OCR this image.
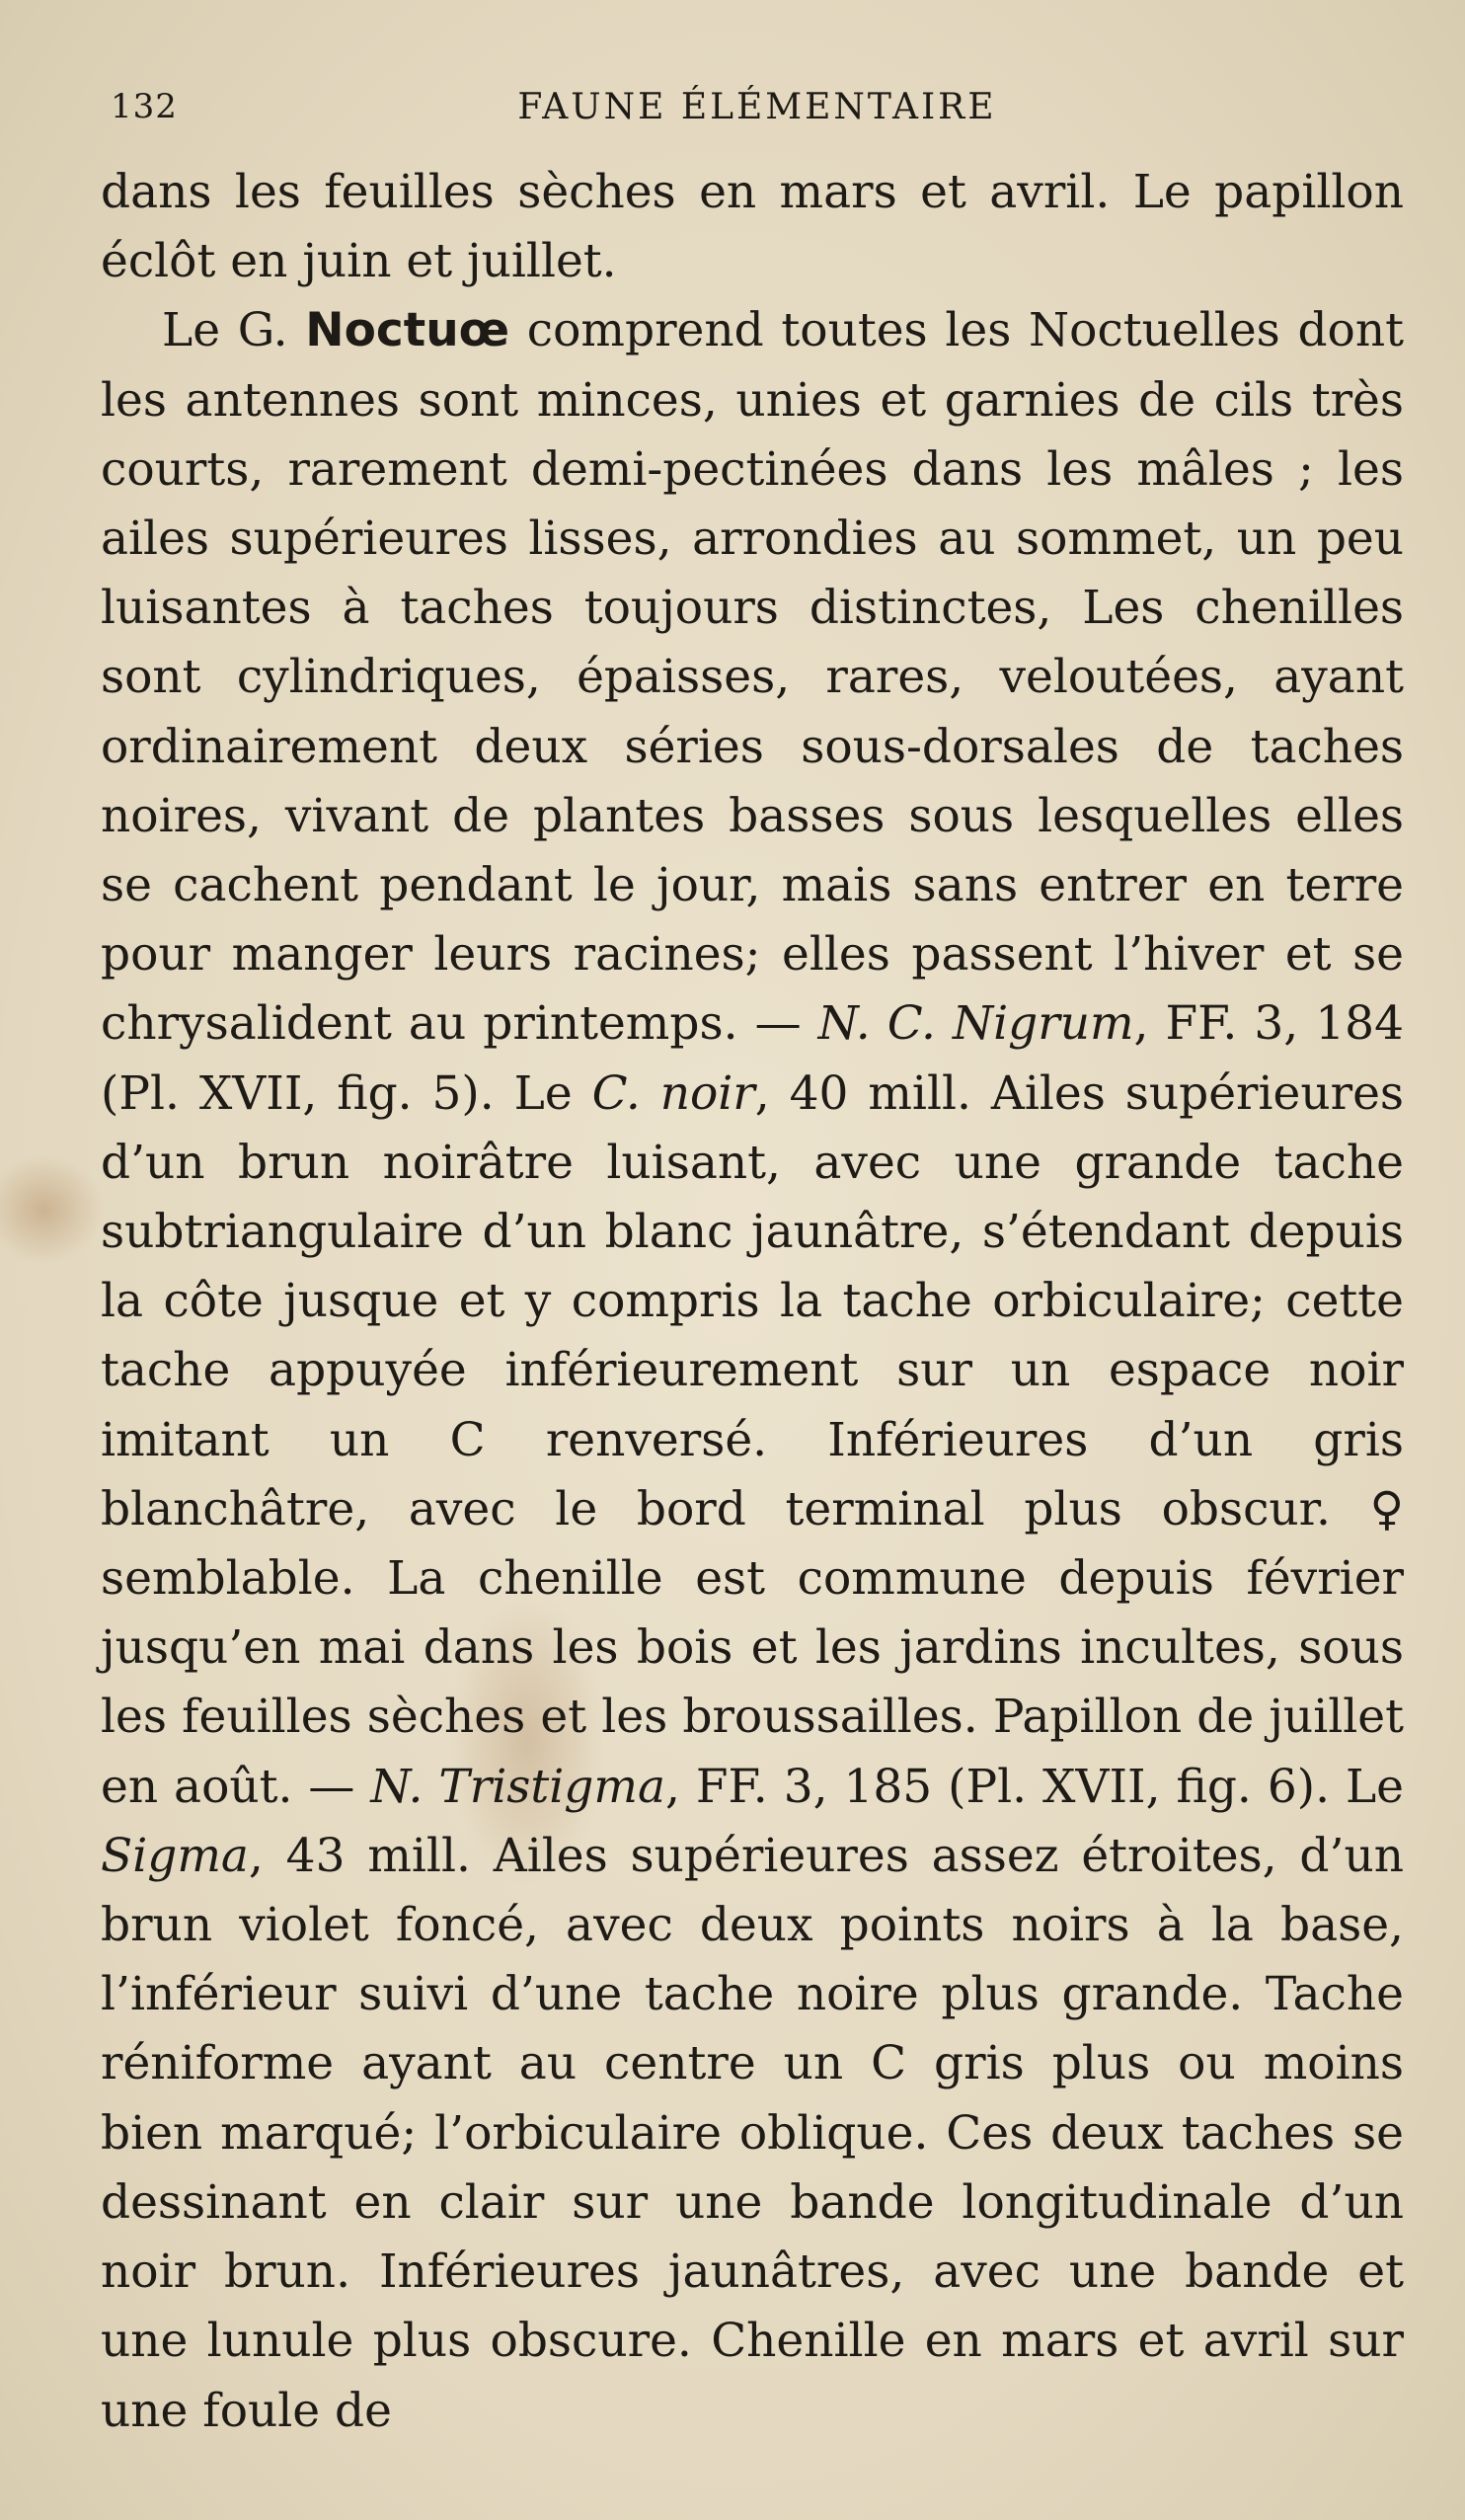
132	FAUNE ÉLÉMENTAIRE

dans les feuilles sèches en mars et avril. Le papillon éclôt en juin et juillet.

Le G. Noctuœ comprend toutes les Noctuelles dont les antennes sont minces, unies et garnies de cils très courts, rarement demi-pectinées dans les mâles ; les ailes supérieures lisses, arrondies au sommet, un peu luisantes à taches toujours distinctes, Les chenilles sont cylindriques, épaisses, rares, veloutées, ayant ordinairement deux séries sous-dorsales de taches noires, vivant de plantes basses sous lesquelles elles se cachent pendant le jour, mais sans entrer en terre pour manger leurs racines; elles passent l’hiver et se chrysalident au printemps. — N. C. Nigrum, FF. 3, 184 (Pl. XVII, fig. 5). Le C. noir, 40 mill. Ailes supérieures d’un brun noirâtre luisant, avec une grande tache subtriangulaire d’un blanc jaunâtre, s’étendant depuis la côte jusque et y compris la tache orbiculaire; cette tache appuyée inférieurement sur un espace noir imitant un C renversé. Inférieures d’un gris blanchâtre, avec le bord terminal plus obscur. ♀ semblable. La chenille est commune depuis février jusqu’en mai dans les bois et les jardins incultes, sous les feuilles sèches et les broussailles. Papillon de juillet en août. — N. Tristigma, FF. 3, 185 (Pl. XVII, fig. 6). Le Sigma, 43 mill. Ailes supérieures assez étroites, d’un brun violet foncé, avec deux points noirs à la base, l’inférieur suivi d’une tache noire plus grande. Tache réniforme ayant au centre un C gris plus ou moins bien marqué; l’orbiculaire oblique. Ces deux taches se dessinant en clair sur une bande longitudinale d’un noir brun. Inférieures jaunâtres, avec une bande et une lunule plus obscure. Chenille en mars et avril sur une foule de
